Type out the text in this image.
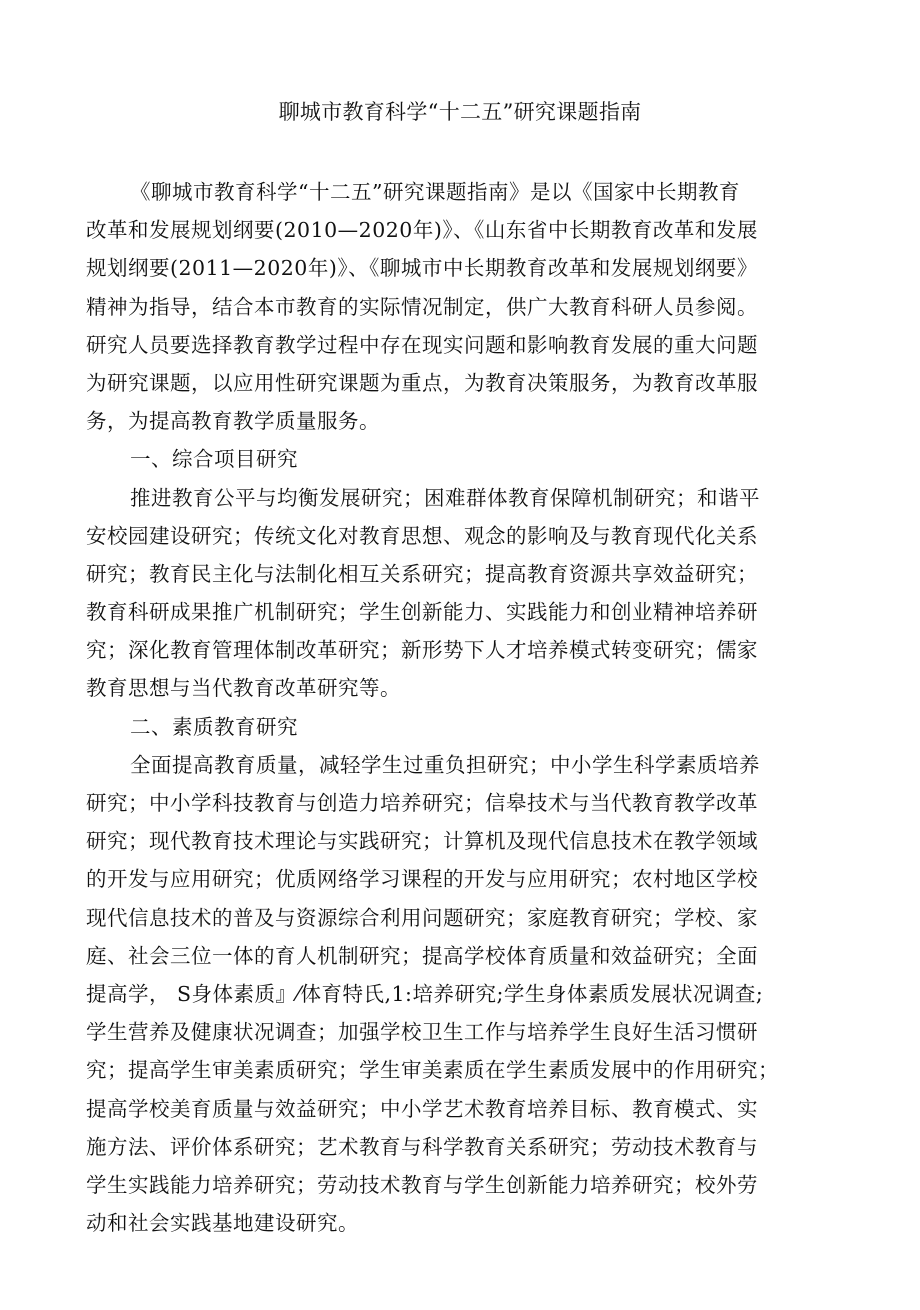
聊城市教育科学“十二五”研究课题指南
《聊城市教育科学“十二五”研究课题指南》是以《国家中长期教育
改革和发展规划纲要(2010—2020年)》、《山东省中长期教育改革和发展
规划纲要(2011—2020年)》、《聊城市中长期教育改革和发展规划纲要》
精神为指导，结合本市教育的实际情况制定，供广大教育科研人员参阅。
研究人员要选择教育教学过程中存在现实问题和影响教育发展的重大问题
为研究课题，以应用性研究课题为重点，为教育决策服务，为教育改革服
务，为提高教育教学质量服务。
一、综合项目研究
推进教育公平与均衡发展研究；困难群体教育保障机制研究；和谐平
安校园建设研究；传统文化对教育思想、观念的影响及与教育现代化关系
研究；教育民主化与法制化相互关系研究；提高教育资源共享效益研究；
教育科研成果推广机制研究；学生创新能力、实践能力和创业精神培养研
究；深化教育管理体制改革研究；新形势下人才培养模式转变研究；儒家
教育思想与当代教育改革研究等。
二、素质教育研究
全面提高教育质量，减轻学生过重负担研究；中小学生科学素质培养
研究；中小学科技教育与创造力培养研究；信皋技术与当代教育教学改革
研究；现代教育技术理论与实践研究；计算机及现代信息技术在教学领域
的开发与应用研究；优质网络学习课程的开发与应用研究；农村地区学校
现代信息技术的普及与资源综合利用问题研究；家庭教育研究；学校、家
庭、社会三位一体的育人机制研究；提高学校体育质量和效益研究；全面
提高学， S身体素质』⁄体育特氏,1:培养研究;学生身体素质发展状况调查;
学生营养及健康状况调查；加强学校卫生工作与培养学生良好生活习惯研
究；提高学生审美素质研究；学生审美素质在学生素质发展中的作用研究；
提高学校美育质量与效益研究；中小学艺术教育培养目标、教育模式、实
施方法、评价体系研究；艺术教育与科学教育关系研究；劳动技术教育与
学生实践能力培养研究；劳动技术教育与学生创新能力培养研究；校外劳
动和社会实践基地建设研究。
